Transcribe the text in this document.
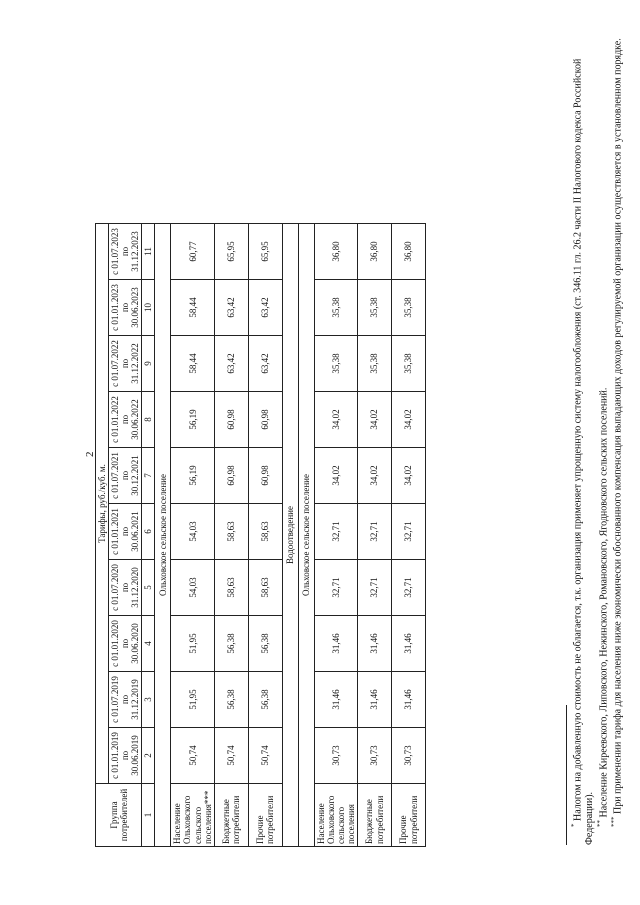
2
Группа потребителей	Тарифы, руб./куб. м.									
	с 01.01.2019 по 30.06.2019	с 01.07.2019 по 31.12.2019	с 01.01.2020 по 30.06.2020	с 01.07.2020 по 31.12.2020	с 01.01.2021 по 30.06.2021	с 01.07.2021 по 30.12.2021	с 01.01.2022 по 30.06.2022	с 01.07.2022 по 31.12.2022	с 01.01.2023 по 30.06.2023	с 01.07.2023 по 31.12.2023
1	2	3	4	5	6	7	8	9	10	11
Ольховское сельское поселение										
Население Ольховского сельского поселения***	50,74	51,95	51,95	54,03	54,03	56,19	56,19	58,44	58,44	60,77
Бюджетные потребители	50,74	56,38	56,38	58,63	58,63	60,98	60,98	63,42	63,42	65,95
Прочие потребители	50,74	56,38	56,38	58,63	58,63	60,98	60,98	63,42	63,42	65,95
Водоотведение										
Ольховское сельское поселение										
Население Ольховского сельского поселения	30,73	31,46	31,46	32,71	32,71	34,02	34,02	35,38	35,38	36,80
Бюджетные потребители	30,73	31,46	31,46	32,71	32,71	34,02	34,02	35,38	35,38	36,80
Прочие потребители	30,73	31,46	31,46	32,71	32,71	34,02	34,02	35,38	35,38	36,80

* Налогом на добавленную стоимость не облагается, т.к. организация применяет упрощенную систему налогообложения (ст. 346.11 гл. 26.2 части II Налогового кодекса Российской Федерации). ** Население Киреевского, Липовского, Нежинского, Романовского, Ягодновского сельских поселений.

*** При применении тарифа для населения ниже экономически обоснованного компенсация выпадающих доходов регулируемой организации осуществляется в установленном порядке.
